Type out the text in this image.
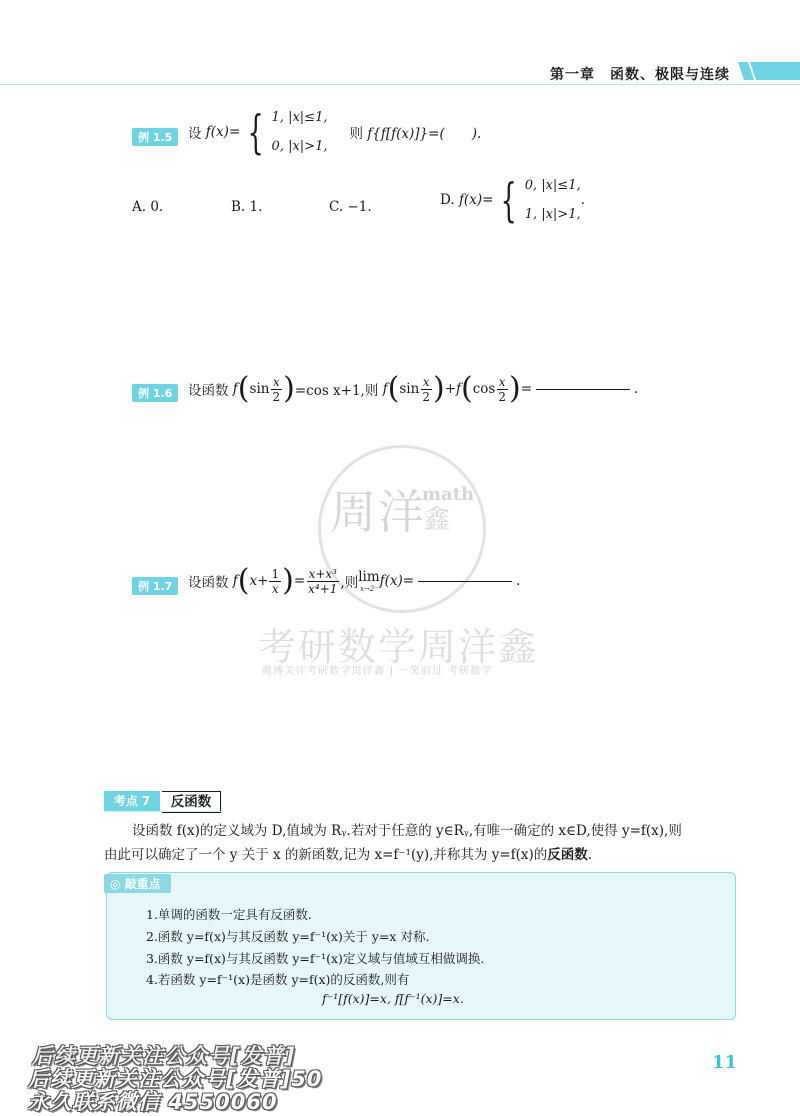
第一章　函数、极限与连续
例 1.5	设
f(x)= { 1, |x|≤1,
0, |x|>1,
则
f{f[f(x)]}=(　　).
A. 0.	B. 1.	C. −1.	D.
f(x)= { 0, |x|≤1,
1, |x|>1,
.
例 1.6	设函数
f ( $\sin \frac{x}{2}$ ) =cos x+1,则
f ( $\sin \frac{x}{2}$ ) + f ( $\cos \frac{x}{2}$ ) =	.
周洋
math
鑫
例 1.7	设函数
f ( $x+ \frac{1}{x}$ ) = $\frac{\text{x+x³}}{\text{x⁴+1}}$ ,则 lim
x→2⁻ f(x)=	.
考研数学周洋鑫
微博关注考研数学周洋鑫 | 一笑而过 考研数学
考点 7	反函数
设函数 f(x)的定义域为 D,值域为 Rᵧ.若对于任意的 y∈Rᵧ,有唯一确定的 x∈D,使得 y=f(x),则
由此可以确定了一个 y 关于 x 的新函数,记为 x=f⁻¹(y),并称其为 y=f(x)的反函数.
◎ 敲重点
1.单调的函数一定具有反函数.
2.函数 y=f(x)与其反函数 y=f⁻¹(x)关于 y=x 对称.
3.函数 y=f(x)与其反函数 y=f⁻¹(x)定义域与值域互相做调换.
4.若函数 y=f⁻¹(x)是函数 y=f(x)的反函数,则有
f⁻¹[f(x)]=x, f[f⁻¹(x)]=x.
11
后续更新关注公众号[发普]
后续更新关注公众号[发普]50
永久联系微信 4550060
